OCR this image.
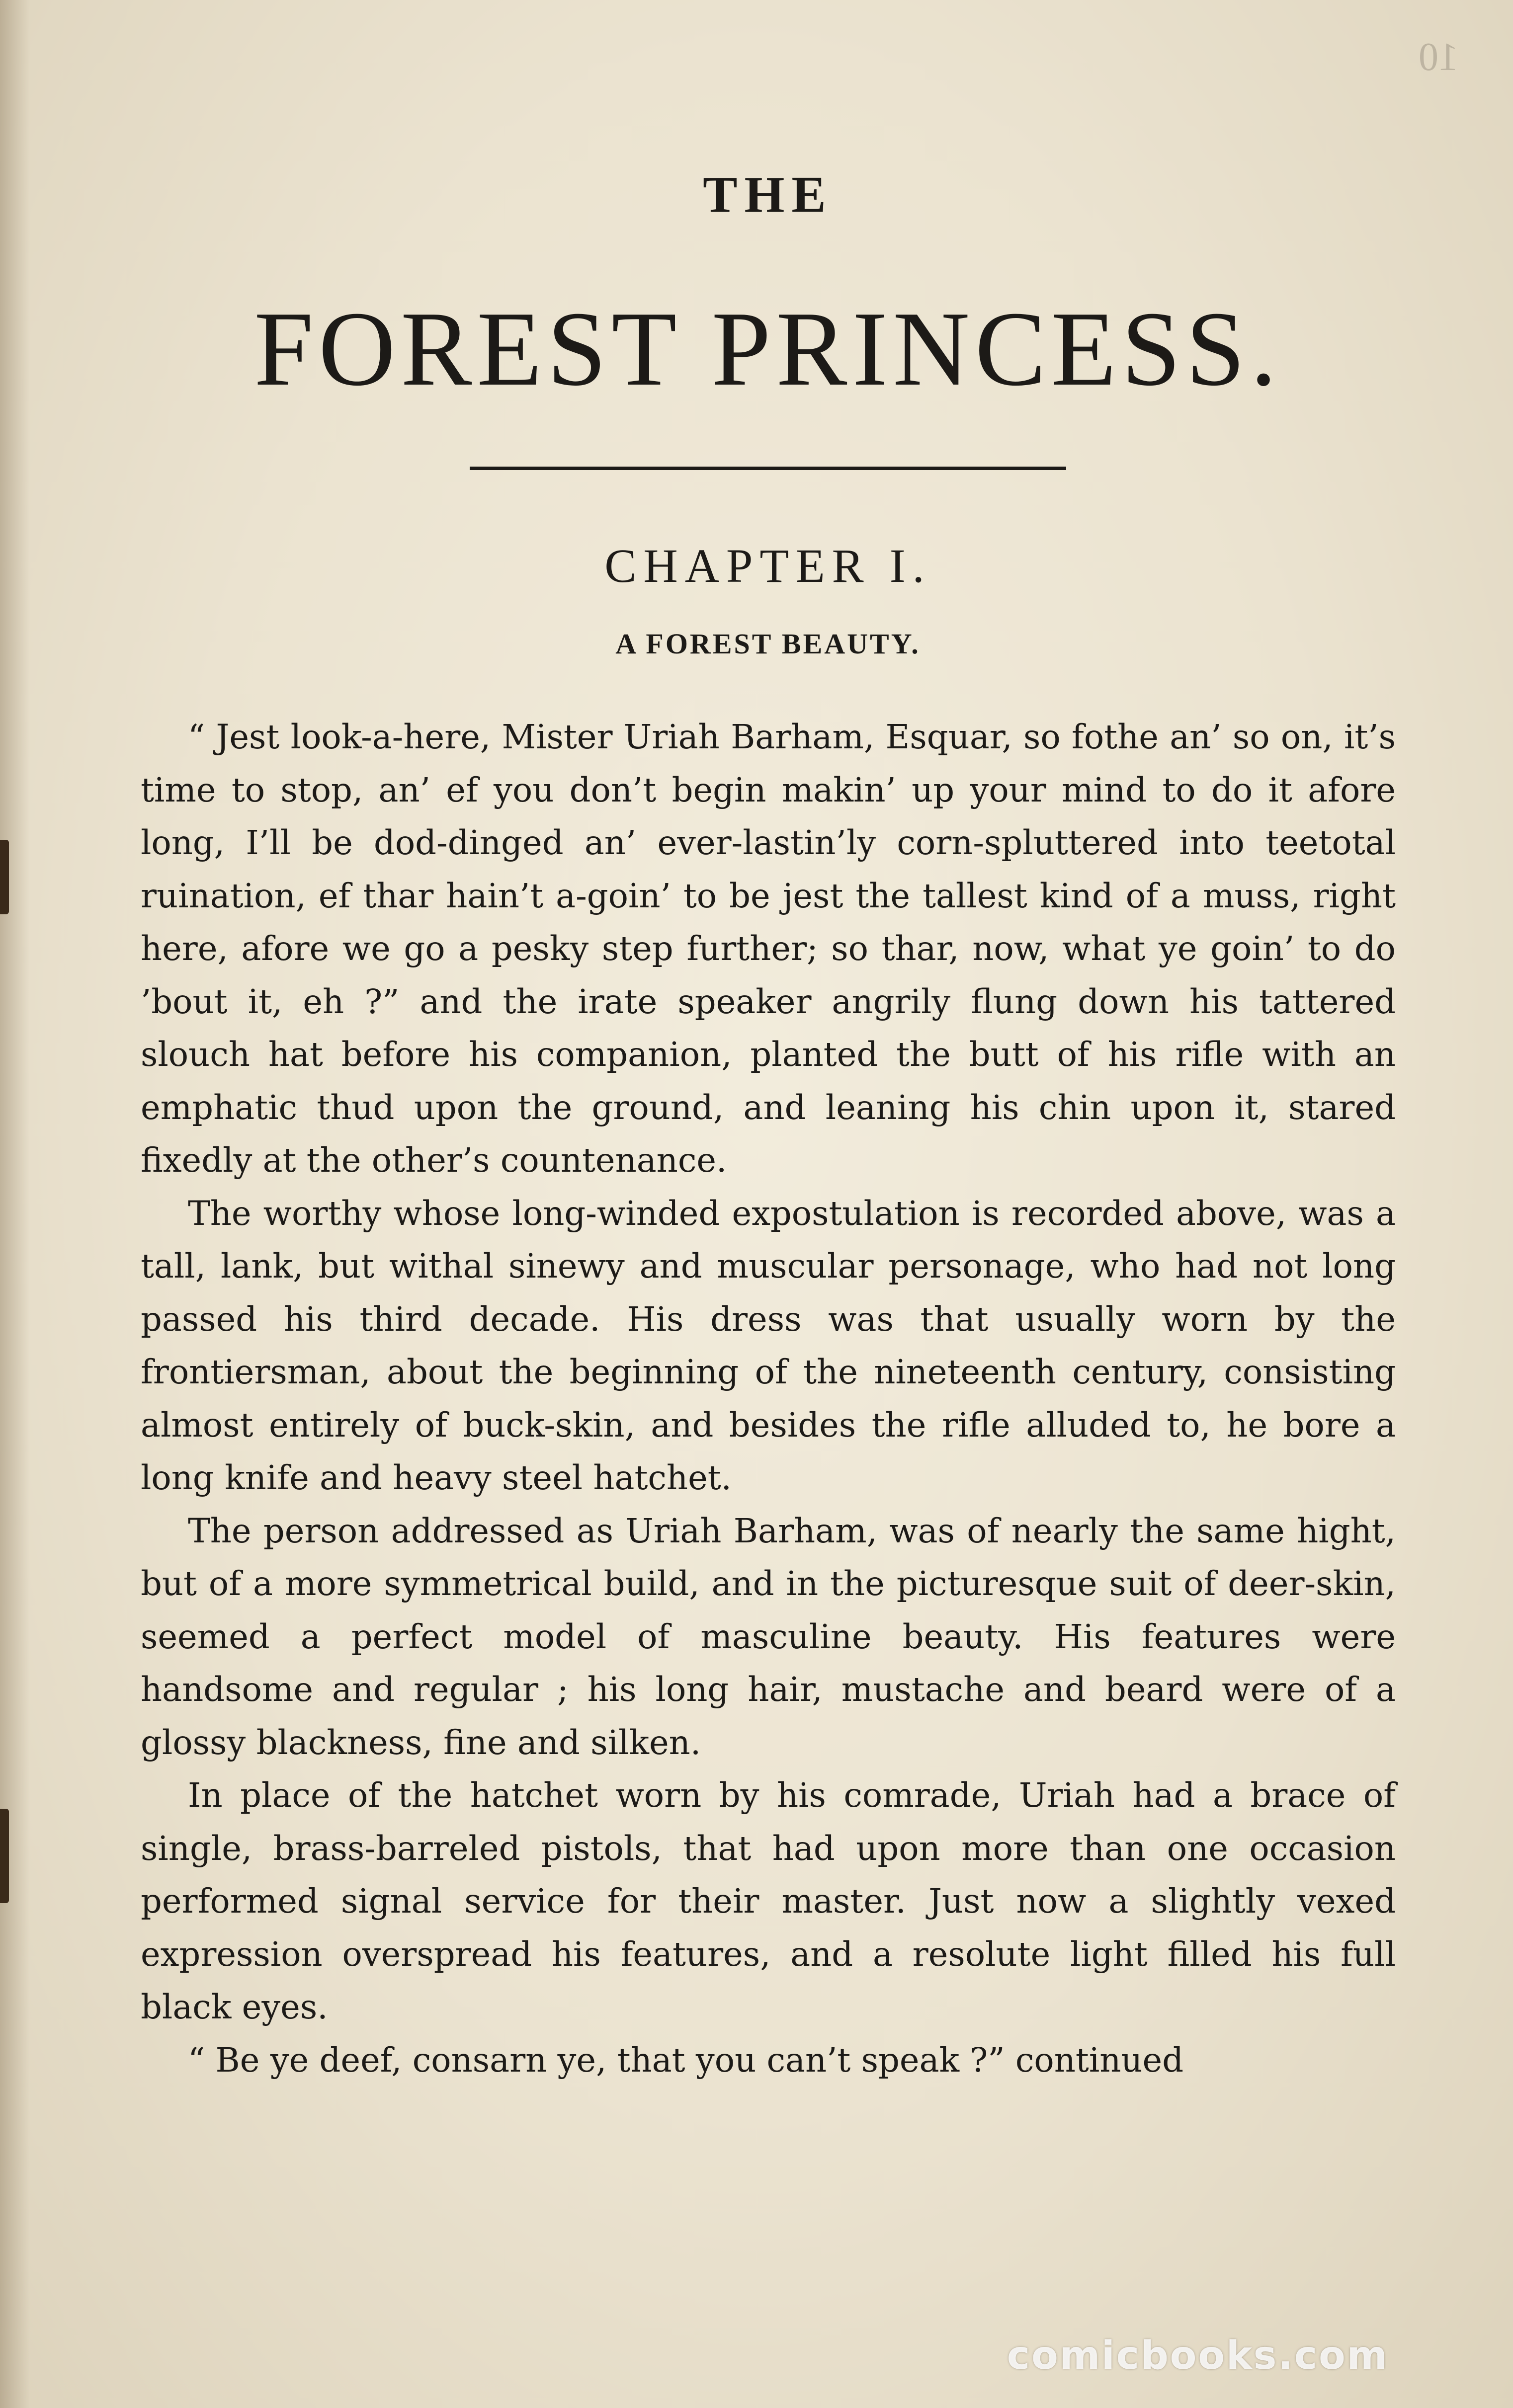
10
THE
FOREST PRINCESS.
CHAPTER I.
A FOREST BEAUTY.

“ Jest look-a-here, Mister Uriah Barham, Esquar, so fothe an’ so on, it’s time to stop, an’ ef you don’t begin makin’ up your mind to do it afore long, I’ll be dod-dinged an’ ever-lastin’ly corn-spluttered into teetotal ruination, ef thar hain’t a-goin’ to be jest the tallest kind of a muss, right here, afore we go a pesky step further; so thar, now, what ye goin’ to do ’bout it, eh ?” and the irate speaker angrily flung down his tattered slouch hat before his companion, planted the butt of his rifle with an emphatic thud upon the ground, and leaning his chin upon it, stared fixedly at the other’s countenance.

The worthy whose long-winded expostulation is recorded above, was a tall, lank, but withal sinewy and muscular personage, who had not long passed his third decade. His dress was that usually worn by the frontiersman, about the beginning of the nineteenth century, consisting almost entirely of buck-skin, and besides the rifle alluded to, he bore a long knife and heavy steel hatchet.

The person addressed as Uriah Barham, was of nearly the same hight, but of a more symmetrical build, and in the picturesque suit of deer-skin, seemed a perfect model of masculine beauty. His features were handsome and regular ; his long hair, mustache and beard were of a glossy blackness, fine and silken.

In place of the hatchet worn by his comrade, Uriah had a brace of single, brass-barreled pistols, that had upon more than one occasion performed signal service for their master. Just now a slightly vexed expression overspread his features, and a resolute light filled his full black eyes.

“ Be ye deef, consarn ye, that you can’t speak ?” continued

comicbooks.com
